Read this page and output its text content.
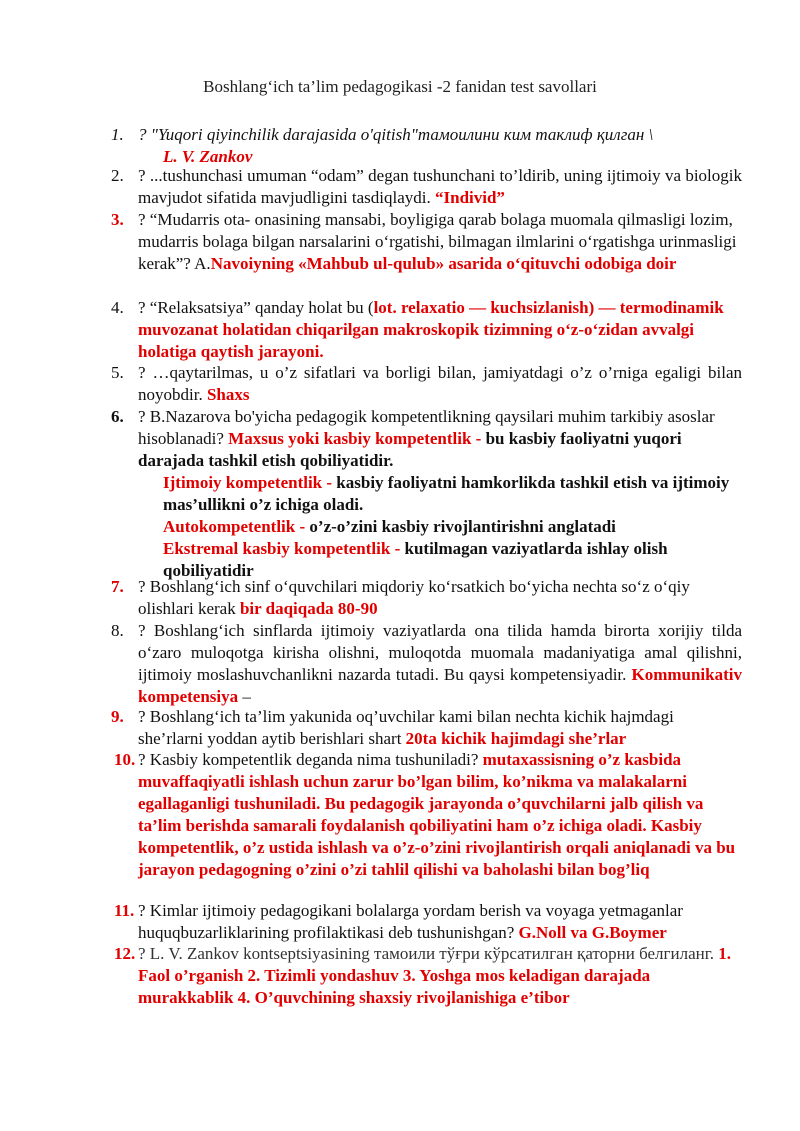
Boshlang‘ich ta’lim pedagogikasi -2 fanidan test savollari
1. ? "Yuqori qiyinchilik darajasida o'qitish"тамоилини ким таклиф қилган \
L. V. Zankov
2. ? ...tushunchasi umuman “odam” degan tushunchani to’ldirib, uning ijtimoiy va biologik mavjudot sifatida mavjudligini tasdiqlaydi. “Individ”
3. ? “Mudarris ota- onasining mansabi, boyligiga qarab bolaga muomala qilmasligi lozim, mudarris bolaga bilgan narsalarini o‘rgatishi, bilmagan ilmlarini o‘rgatishga urinmasligi kerak”? A.Navoiyning «Mahbub ul-qulub» asarida o‘qituvchi odobiga doir
4. ? “Relaksatsiya” qanday holat bu (lot. relaxatio — kuchsizlanish) — termodinamik muvozanat holatidan chiqarilgan makroskopik tizimning o‘z-o‘zidan avvalgi holatiga qaytish jarayoni.
5. ? …qaytarilmas, u o’z sifatlari va borligi bilan, jamiyatdagi o’z o’rniga egaligi bilan noyobdir. Shaxs
6. ? B.Nazarova bo'yicha pedagogik kompetentlikning qaysilari muhim tarkibiy asoslar hisoblanadi? Maxsus yoki kasbiy kompetentlik - bu kasbiy faoliyatni yuqori darajada tashkil etish qobiliyatidir.
Ijtimoiy kompetentlik - kasbiy faoliyatni hamkorlikda tashkil etish va ijtimoiy mas’ullikni o’z ichiga oladi.
Autokompetentlik - o’z-o’zini kasbiy rivojlantirishni anglatadi
Ekstremal kasbiy kompetentlik - kutilmagan vaziyatlarda ishlay olish qobiliyatidir
7. ? Boshlang‘ich sinf o‘quvchilari miqdoriy ko‘rsatkich bo‘yicha nechta so‘z o‘qiy olishlari kerak bir daqiqada 80-90
8. ? Boshlang‘ich sinflarda ijtimoiy vaziyatlarda ona tilida hamda birorta xorijiy tilda o‘zaro muloqotga kirisha olishni, muloqotda muomala madaniyatiga amal qilishni, ijtimoiy moslashuvchanlikni nazarda tutadi. Bu qaysi kompetensiyadir. Kommunikativ kompetensiya –
9. ? Boshlang‘ich ta’lim yakunida oq’uvchilar kami bilan nechta kichik hajmdagi she’rlarni yoddan aytib berishlari shart 20ta kichik hajimdagi she’rlar
10. ? Kasbiy kompetentlik deganda nima tushuniladi? mutaxassisning o’z kasbida muvaffaqiyatli ishlash uchun zarur bo’lgan bilim, ko’nikma va malakalarni egallaganligi tushuniladi. Bu pedagogik jarayonda o’quvchilarni jalb qilish va ta’lim berishda samarali foydalanish qobiliyatini ham o’z ichiga oladi. Kasbiy kompetentlik, o’z ustida ishlash va o’z-o’zini rivojlantirish orqali aniqlanadi va bu jarayon pedagogning o’zini o’zi tahlil qilishi va baholashi bilan bog’liq
11. ? Kimlar ijtimoiy pedagogikani bolalarga yordam berish va voyaga yetmaganlar huquqbuzarliklarining profilaktikasi deb tushunishgan? G.Noll va G.Boymer
12. ? L. V. Zankov kontseptsiyasining тамоили тўғри кўрсатилган қаторни белгиланг. 1. Faol o’rganish 2. Tizimli yondashuv 3. Yoshga mos keladigan darajada murakkablik 4. O’quvchining shaxsiy rivojlanishiga e’tibor
